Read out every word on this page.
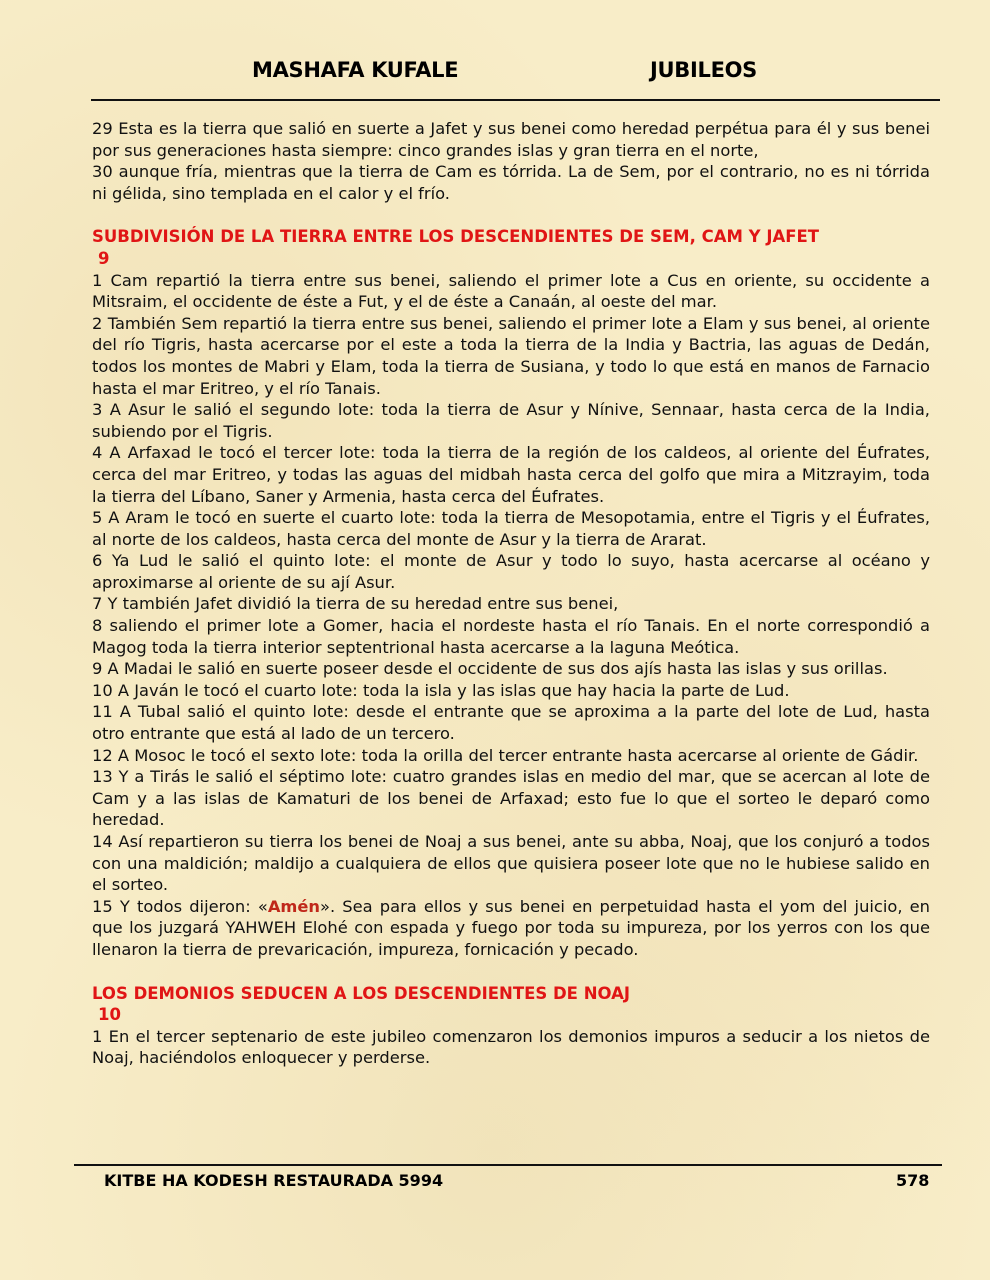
MASHAFA KUFALE	JUBILEOS

29 Esta es la tierra que salió en suerte a Jafet y sus benei como heredad perpétua para él y sus benei por sus generaciones hasta siempre: cinco grandes islas y gran tierra en el norte,

30 aunque fría, mientras que la tierra de Cam es tórrida. La de Sem, por el contrario, no es ni tórrida ni gélida, sino templada en el calor y el frío.

SUBDIVISIÓN DE LA TIERRA ENTRE LOS DESCENDIENTES DE SEM, CAM Y JAFET

9

1 Cam repartió la tierra entre sus benei, saliendo el primer lote a Cus en oriente, su occidente a Mitsraim, el occidente de éste a Fut, y el de éste a Canaán, al oeste del mar.

2 También Sem repartió la tierra entre sus benei, saliendo el primer lote a Elam y sus benei, al oriente del río Tigris, hasta acercarse por el este a toda la tierra de la India y Bactria, las aguas de Dedán, todos los montes de Mabri y Elam, toda la tierra de Susiana, y todo lo que está en manos de Farnacio hasta el mar Eritreo, y el río Tanais.

3 A Asur le salió el segundo lote: toda la tierra de Asur y Nínive, Sennaar, hasta cerca de la India, subiendo por el Tigris.

4 A Arfaxad le tocó el tercer lote: toda la tierra de la región de los caldeos, al oriente del Éufrates, cerca del mar Eritreo, y todas las aguas del midbah hasta cerca del golfo que mira a Mitzrayim, toda la tierra del Líbano, Saner y Armenia, hasta cerca del Éufrates.

5 A Aram le tocó en suerte el cuarto lote: toda la tierra de Mesopotamia, entre el Tigris y el Éufrates, al norte de los caldeos, hasta cerca del monte de Asur y la tierra de Ararat.

6 Ya Lud le salió el quinto lote: el monte de Asur y todo lo suyo, hasta acercarse al océano y aproximarse al oriente de su ají Asur.

7 Y también Jafet dividió la tierra de su heredad entre sus benei,

8 saliendo el primer lote a Gomer, hacia el nordeste hasta el río Tanais. En el norte correspondió a Magog toda la tierra interior septentrional hasta acercarse a la laguna Meótica.

9 A Madai le salió en suerte poseer desde el occidente de sus dos ajís hasta las islas y sus orillas.

10 A Javán le tocó el cuarto lote: toda la isla y las islas que hay hacia la parte de Lud.

11 A Tubal salió el quinto lote: desde el entrante que se aproxima a la parte del lote de Lud, hasta otro entrante que está al lado de un tercero.

12 A Mosoc le tocó el sexto lote: toda la orilla del tercer entrante hasta acercarse al oriente de Gádir.

13 Y a Tirás le salió el séptimo lote: cuatro grandes islas en medio del mar, que se acercan al lote de Cam y a las islas de Kamaturi de los benei de Arfaxad; esto fue lo que el sorteo le deparó como heredad.

14 Así repartieron su tierra los benei de Noaj a sus benei, ante su abba, Noaj, que los conjuró a todos con una maldición; maldijo a cualquiera de ellos que quisiera poseer lote que no le hubiese salido en el sorteo.

15 Y todos dijeron: «Amén». Sea para ellos y sus benei en perpetuidad hasta el yom del juicio, en que los juzgará YAHWEH Elohé con espada y fuego por toda su impureza, por los yerros con los que llenaron la tierra de prevaricación, impureza, fornicación y pecado.

LOS DEMONIOS SEDUCEN A LOS DESCENDIENTES DE NOAJ

10

1 En el tercer septenario de este jubileo comenzaron los demonios impuros a seducir a los nietos de Noaj, haciéndolos enloquecer y perderse.

KITBE HA KODESH RESTAURADA 5994	578
